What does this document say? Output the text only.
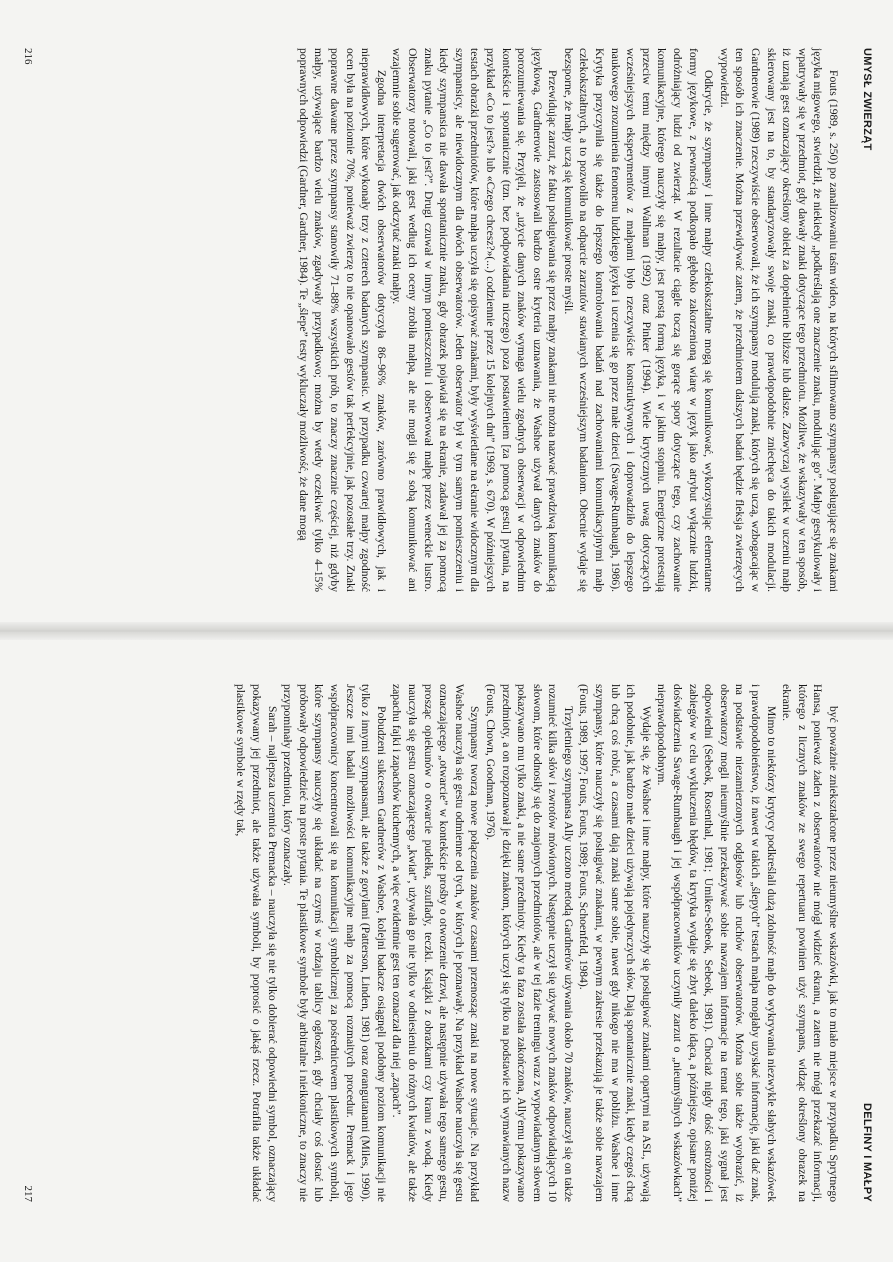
UMYSŁ ZWIERZĄT

Fouts (1989, s. 250) po zanalizowaniu taśm wideo, na których sfilmowano szympansy posługujące się znakami języka migowego, stwierdził, że niekiedy „podkreślają one znaczenie znaku, modulując go”. Małpy gestykulowały i wpatrywały się w przedmiot, gdy dawały znaki dotyczące tego przedmiotu. Możliwe, że wskazywały w ten sposób, iż uznają gest oznaczający określony obiekt za dopełnienie bliższe lub dalsze. Zazwyczaj wysiłek w uczeniu małp skierowany jest na to, by standaryzowały swoje znaki, co prawdopodobnie zniechęca do takich modulacji. Gardnerowie (1989) rzeczywiście obserwowali, że ich szympansy modulują znaki, których się uczą, wzbogacając w ten sposób ich znaczenie. Można przewidywać zatem, że przedmiotem dalszych badań będzie fleksja zwierzęcych wypowiedzi.

Odkrycie, że szympansy i inne małpy człekokształtne mogą się komunikować, wykorzystując elementarne formy językowe, z pewnością podkopało głęboko zakorzenioną wiarę w język jako atrybut wyłącznie ludzki, odróżniający ludzi od zwierząt. W rezultacie ciągle toczą się gorące spory dotyczące tego, czy zachowanie komunikacyjne, którego nauczyły się małpy, jest prostą formą języka, i w jakim stopniu. Energiczne protestują przeciw temu między innymi Wallman (1992) oraz Pinker (1994). Wiele krytycznych uwag dotyczących wcześniejszych eksperymentów z małpami było rzeczywiście konstruktywnych i doprowadziło do lepszego naukowego zrozumienia fenomenu ludzkiego języka i uczenia się go przez małe dzieci (Savage-Rumbaugh, 1986). Krytyka przyczyniła się także do lepszego kontrolowania badań nad zachowaniami komunikacyjnymi małp człekokształtnych, a to pozwoliło na odparcie zarzutów stawianych wcześniejszym badaniom. Obecnie wydaje się bezsporne, że małpy uczą się komunikować prostе myśli.

Przewidując zarzut, że faktu posługiwania się przez małpy znakami nie można nazwać prawdziwą komunikacją językową, Gardnerowie zastosowali bardzo ostre kryteria uznawania, że Washoe używał danych znaków do porozumiewania się. Przyjęli, że „użycie danych znaków wymaga wielu zgodnych obserwacji w odpowiednim kontekście i spontanicznie (tzn. bez podpowiadania niczego) poza postawieniem [za pomocą gestu] pytania, na przykład «Co to jest?» lub «Czego chcesz?»(...) codziennie przez 15 kolejnych dni” (1969, s. 670). W późniejszych testach obrazki przedmiotów, które małpa uczyła się opisywać znakami, były wyświetlane na ekranie widocznym dla szympansicy, ale niewidocznym dla dwóch obserwatorów. Jeden obserwator był w tym samym pomieszczeniu i kiedy szympansica nie dawała spontanicznie znaku, gdy obrazek pojawiał się na ekranie, zadawał jej za pomocą znaku pytanie „Co to jest?”. Drugi czuwał w innym pomieszczeniu i obserwował małpę przez weneckie lustro. Obserwatorzy notowali, jaki gest według ich oceny zrobiła małpa, ale nie mogli się z sobą komunikować ani wzajemnie sobie sugerować, jak odczytać znaki małpy.

Zgodna interpretacja dwóch obserwatorów dotyczyła 86–96% znaków, zarówno prawidłowych, jak i nieprawidłowych, które wykonały trzy z czterech badanych szympansic. W przypadku czwartej małpy zgodność ocen była na poziomie 70%, ponieważ zwierzę to nie opanowało gestów tak perfekcyjnie, jak pozostałe trzy. Znaki poprawne dawane przez szympansy stanowiły 71–88% wszystkich prób, to znaczy znacznie częściej, niż gdyby małpy, używające bardzo wielu znaków, zgadywały przypadkowo; można by wtedy oczekiwać tylko 4–15% poprawnych odpowiedzi (Gardner, Gardner, 1984). Te „ślepe” testy wykluczały możliwość, że dane mogą

216
DELFINY I MAŁPY

być poważnie zniekształcone przez nieumyślne wskazówki, jak to miało miejsce w przypadku Sprytnego Hansa, ponieważ żaden z obserwatorów nie mógł widzieć ekranu, a zatem nie mógł przekazać informacji, którego z licznych znaków ze swego repertuaru powinien użyć szympans, widząc określony obrazek na ekranie.

Mimo to niektórzy krytycy podkreślali dużą zdolność małp do wykrywania niezwykle słabych wskazówek i prawdopodobieństwo, iż nawet w takich „ślepych” testach małpa mogłaby uzyskać informację, jaki dać znak, na podstawie niezamierzonych odgłosów lub ruchów obserwatorów. Można sobie także wyobrazić, iż obserwatorzy mogli nieumyślnie przekazywać sobie nawzajem informacje na temat tego, jaki sygnał jest odpowiedni (Sebeok, Rosenthal, 1981; Umiker-Sebeok, Sebeok, 1981). Chociaż nigdy dość ostrożności i zabiegów w celu wykluczenia błędów, ta krytyka wydaje się zbyt daleko idąca, a późniejsze, opisane poniżej doświadczenia Savage-Rumbaugh i jej współpracowników uczyniły zarzut o „nieumyślnych wskazówkach” nieprawdopodobnym.

Wydaje się, że Washoe i inne małpy, które nauczyły się posługiwać znakami opartymi na ASL, używają ich podobnie, jak bardzo małe dzieci używają pojedynczych słów. Dają spontanicznie znaki, kiedy czegoś chcą lub chcą coś robić, a czasami dają znaki same sobie, nawet gdy nikogo nie ma w pobliżu. Washoe i inne szympansy, które nauczyły się posługiwać znakami, w pewnym zakresie przekazują je także sobie nawzajem (Fouts, 1989, 1997; Fouts, Fouts, 1989; Fouts, Schoenfeld, 1984).

Trzyletniego szympansa Ally uczono metodą Gardnerów używania około 70 znaków, nauczył się on także rozumieć kilka słów i zwrotów mówionych. Następnie uczył się używać nowych znaków odpowiadających 10 słowom, które odnosiły się do znajomych przedmiotów, ale w tej fazie treningu wraz z wypowiadanym słowem pokazywano mu tylko znaki, a nie same przedmioty. Kiedy ta faza została zakończona, Ally'emu pokazywano przedmioty, a on rozpoznawał je dzięki znakom, których uczył się tylko na podstawie ich wymawianych nazw (Fouts, Chown, Goodman, 1976).

Szympansy tworzą nowe połączenia znaków czasami przenosząc znaki na nowe sytuacje. Na przykład Washoe nauczyła się gestu odmienne od tych, w których je poznawały. Na przykład Washoe nauczyła się gestu oznaczającego „otwarcie” w kontekście prośby o otworzenie drzwi, ale następnie używała tego samego gestu, prosząc opiekunów o otwarcie pudełka, szuflady, teczki. Książki z obrazkami czy kranu z wodą. Kiedy nauczyła się gestu oznaczającego „kwiat”, używała go nie tylko w odniesieniu do różnych kwiatów, ale także zapachu fajki i zapachów kuchennych, a więc ewidentnie gest ten oznaczał dla niej „zapach”.

Pobudzeni sukcesem Gardnerów z Washoe, kolejni badacze osiągnęli podobny poziom komunikacji nie tylko z innymi szympansami, ale także z gorylami (Patterson, Linden, 1981) oraz orangutanami (Miles, 1990). Jeszcze inni badali możliwości komunikacyjne małp za pomocą rozmaitych procedur. Premack i jego współpracownicy koncentrowali się na komunikacji symbolicznej za pośrednictwem plastikowych symboli, które szympansy nauczyły się układać na czymś w rodzaju tablicy ogłoszeń, gdy chciały coś dostać lub próbowały odpowiedzieć na proste pytania. Te plastikowe symbole były arbitralne i nieikoniczne, to znaczy nie przypominały przedmiotu, który oznaczały.

Sarah – najlepsza uczennica Premacka – nauczyła się nie tylko dobierać odpowiedni symbol, oznaczający pokazywany jej przedmiot, ale także używała symboli, by poprosić o jakąś rzecz. Potrafiła także układać plastikowe symbole w rzędy tak,

217
